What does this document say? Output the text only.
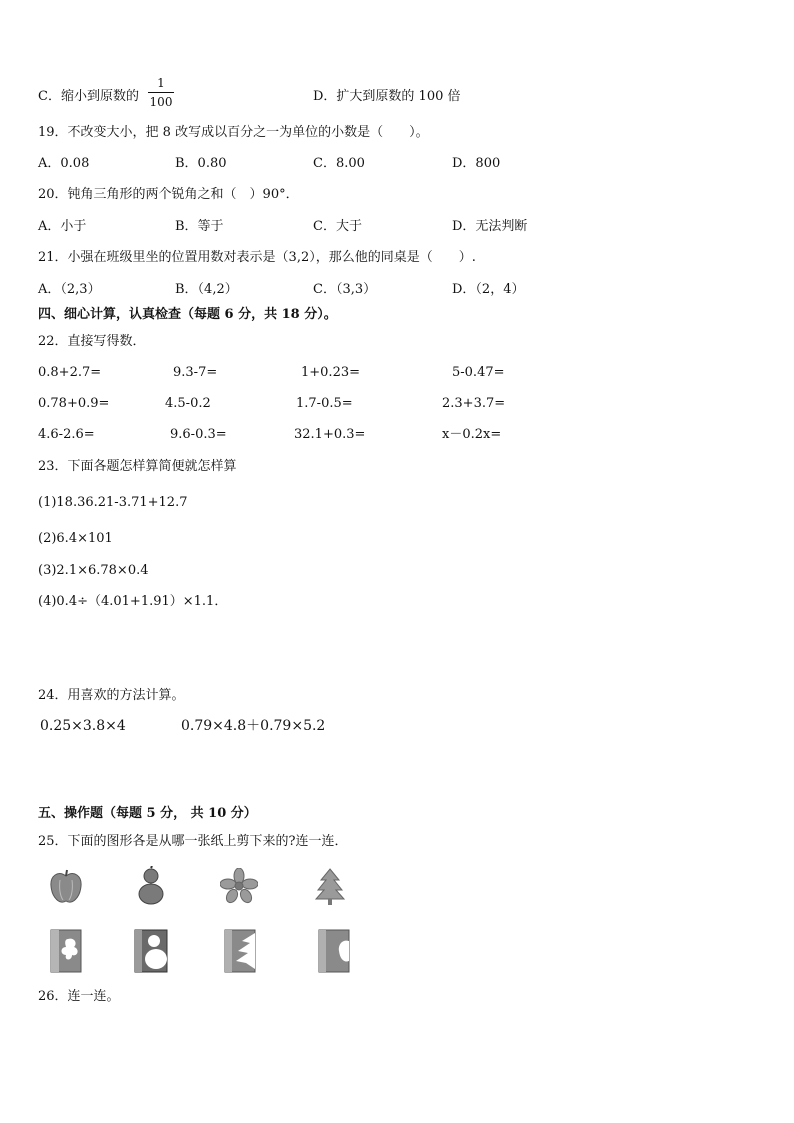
C．缩小到原数的
1
100	D．扩大到原数的 100 倍
19．不改变大小，把 8 改写成以百分之一为单位的小数是（　　）。
A．0.08	B．0.80	C．8.00	D．800
20．钝角三角形的两个锐角之和（　）90°．
A．小于	B．等于	C．大于	D．无法判断
21．小强在班级里坐的位置用数对表示是（3,2），那么他的同桌是（　　）.
A．（2,3）	B．（4,2）	C．（3,3）	D．（2，4）
四、细心计算，认真检查（每题 6 分，共 18 分）。
22．直接写得数．
0.8+2.7=	9.3-7=	1+0.23=	5-0.47=
0.78+0.9=	4.5-0.2	1.7-0.5=	2.3+3.7=
4.6-2.6=	9.6-0.3=	32.1+0.3=	x－0.2x=
23．下面各题怎样算简便就怎样算
(1)18.36.21-3.71+12.7
(2)6.4×101
(3)2.1×6.78×0.4
(4)0.4÷（4.01+1.91）×1.1．
24．用喜欢的方法计算。
0.25×3.8×4	0.79×4.8＋0.79×5.2
五、操作题（每题 5 分， 共 10 分）
25．下面的图形各是从哪一张纸上剪下来的?连一连．
26．连一连。
